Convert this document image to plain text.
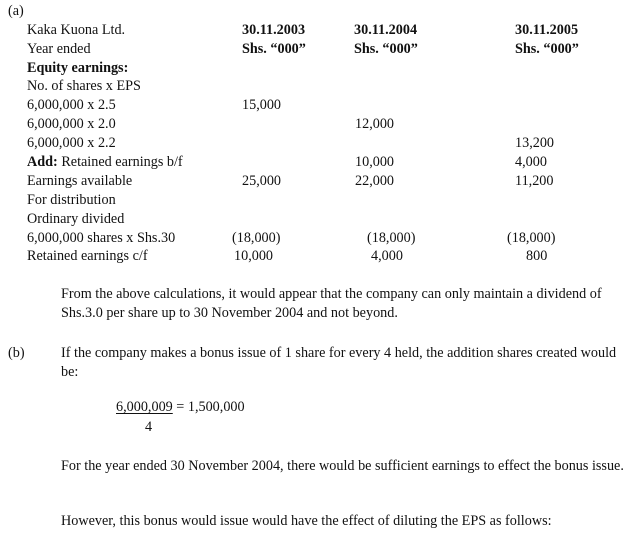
(a)
Kaka Kuona Ltd.
Year ended
30.11.2003
Shs. “000”
30.11.2004
Shs. “000”
30.11.2005
Shs. “000”
Equity earnings:
No. of shares x EPS
6,000,000 x 2.5
6,000,000 x 2.0
6,000,000 x 2.2
Add: Retained earnings b/f
Earnings available
For distribution
Ordinary divided
6,000,000 shares x Shs.30
Retained earnings c/f
15,000
25,000
(18,000)
10,000
12,000
10,000
22,000
(18,000)
4,000
13,200
4,000
11,200
(18,000)
800
From the above calculations, it would appear that the company can only maintain a dividend of Shs.3.0 per share up to 30 November 2004 and not beyond.
(b)	If the company makes a bonus issue of 1 share for every 4 held, the addition shares created would be:
6,000,009 = 1,500,000
4
For the year ended 30 November 2004, there would be sufficient earnings to effect the bonus issue.
However, this bonus would issue would have the effect of diluting the EPS as follows:
